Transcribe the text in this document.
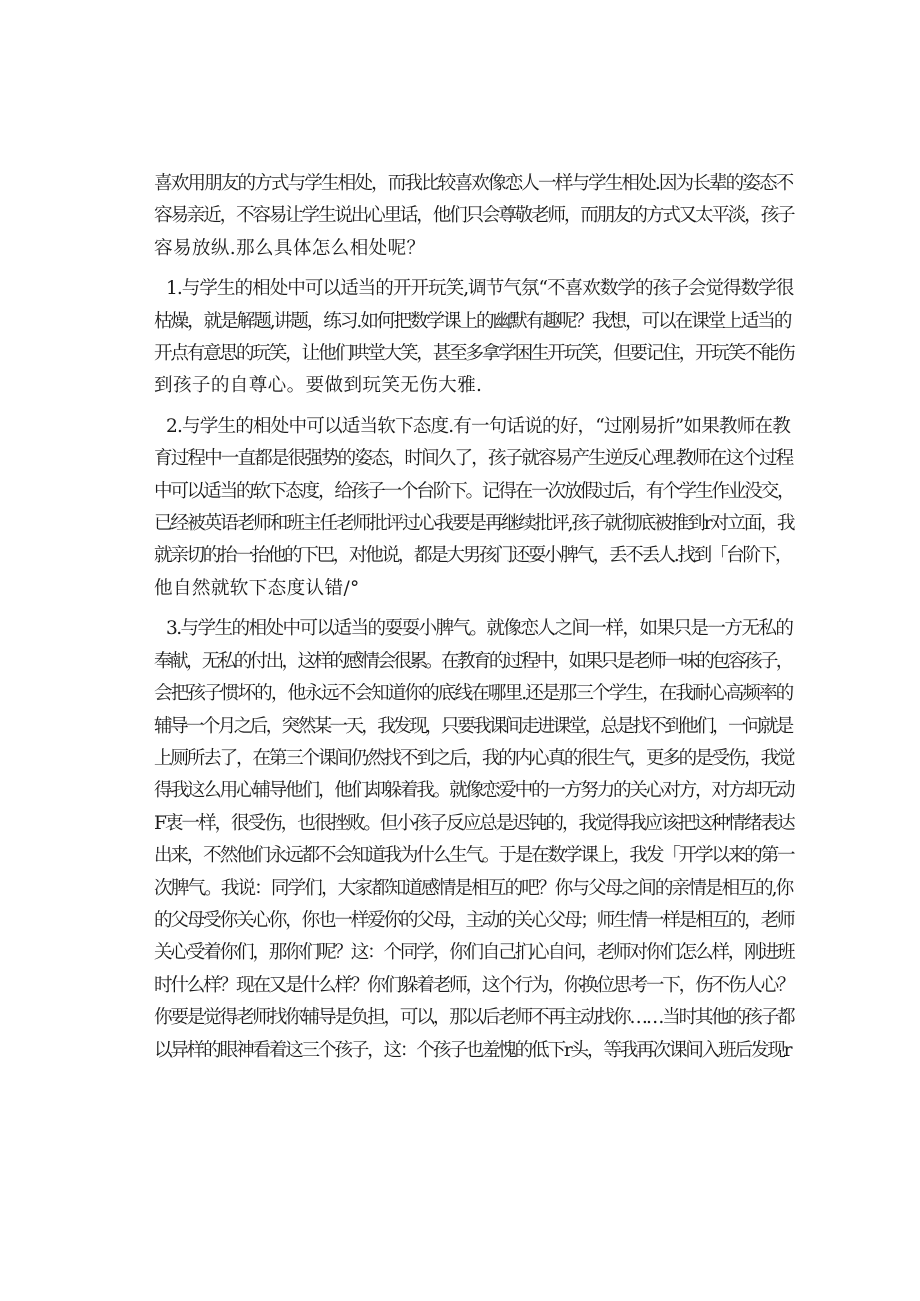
喜欢用朋友的方式与学生相处，而我比较喜欢像恋人一样与学生相处.因为长辈的姿态不
容易亲近，不容易让学生说出心里话，他们只会尊敬老师，而朋友的方式又太平淡，孩子
容易放纵.那么具体怎么相处呢？
1.与学生的相处中可以适当的开开玩笑,调节气氛“不喜欢数学的孩子会觉得数学很
枯燥，就是解题,讲题，练习.如何把数学课上的幽默有趣呢？我想，可以在课堂上适当的
开点有意思的玩笑，让他们哄堂大笑，甚至多拿学困生开玩笑，但要记住，开玩笑不能伤
到孩子的自尊心。要做到玩笑无伤大雅.
2.与学生的相处中可以适当软下态度.有一句话说的好，“过刚易折”如果教师在教
育过程中一直都是很强势的姿态，时间久了，孩子就容易产生逆反心理.教师在这个过程
中可以适当的软下态度，给孩子一个台阶下。记得在一次放假过后，有个学生作业没交，
已经被英语老师和班主任老师批评过心我要是再继续批评,孩子就彻底被推到r对立面，我
就亲切的抬一抬他的下巴，对他说，都是大男孩门还耍小脾气，丢不丢人.找到「台阶下，
他自然就软下态度认错/°
3.与学生的相处中可以适当的耍耍小脾气。就像恋人之间一样，如果只是一方无私的
奉献，无私的付出，这样的感情会很累。在教育的过程中，如果只是老师一味的包容孩子，
会把孩子惯坏的，他永远不会知道你的底线在哪里.还是那三个学生，在我耐心高频率的
辅导一个月之后，突然某一天，我发现，只要我课间走进课堂，总是找不到他们，一问就是
上厕所去了，在第三个课间仍然找不到之后，我的内心真的很生气，更多的是受伤，我觉
得我这么用心辅导他们，他们却躲着我。就像恋爱中的一方努力的关心对方，对方却无动
F衷一样，很受伤，也很挫败。但小孩子反应总是迟钝的，我觉得我应该把这种情绪表达
出来，不然他们永远都不会知道我为什么生气。于是在数学课上，我发「开学以来的第一
次脾气。我说：同学们，大家都知道感情是相互的吧？你与父母之间的亲情是相互的,你
的父母受你关心你，你也一样爱你的父母，主动的关心父母；师生情一样是相互的，老师
关心受着你们，那你们呢？这：个同学，你们自己扪心自问，老师对你们怎么样，刚进班
时什么样？现在又是什么样？你们躲着老师，这个行为，你换位思考一下，伤不伤人心？
你要是觉得老师找你辅导是负担，可以，那以后老师不再主动找你……当时其他的孩子都
以异样的眼神看着这三个孩子，这：个孩子也羞愧的低下r头，等我再次课间入班后发现r
